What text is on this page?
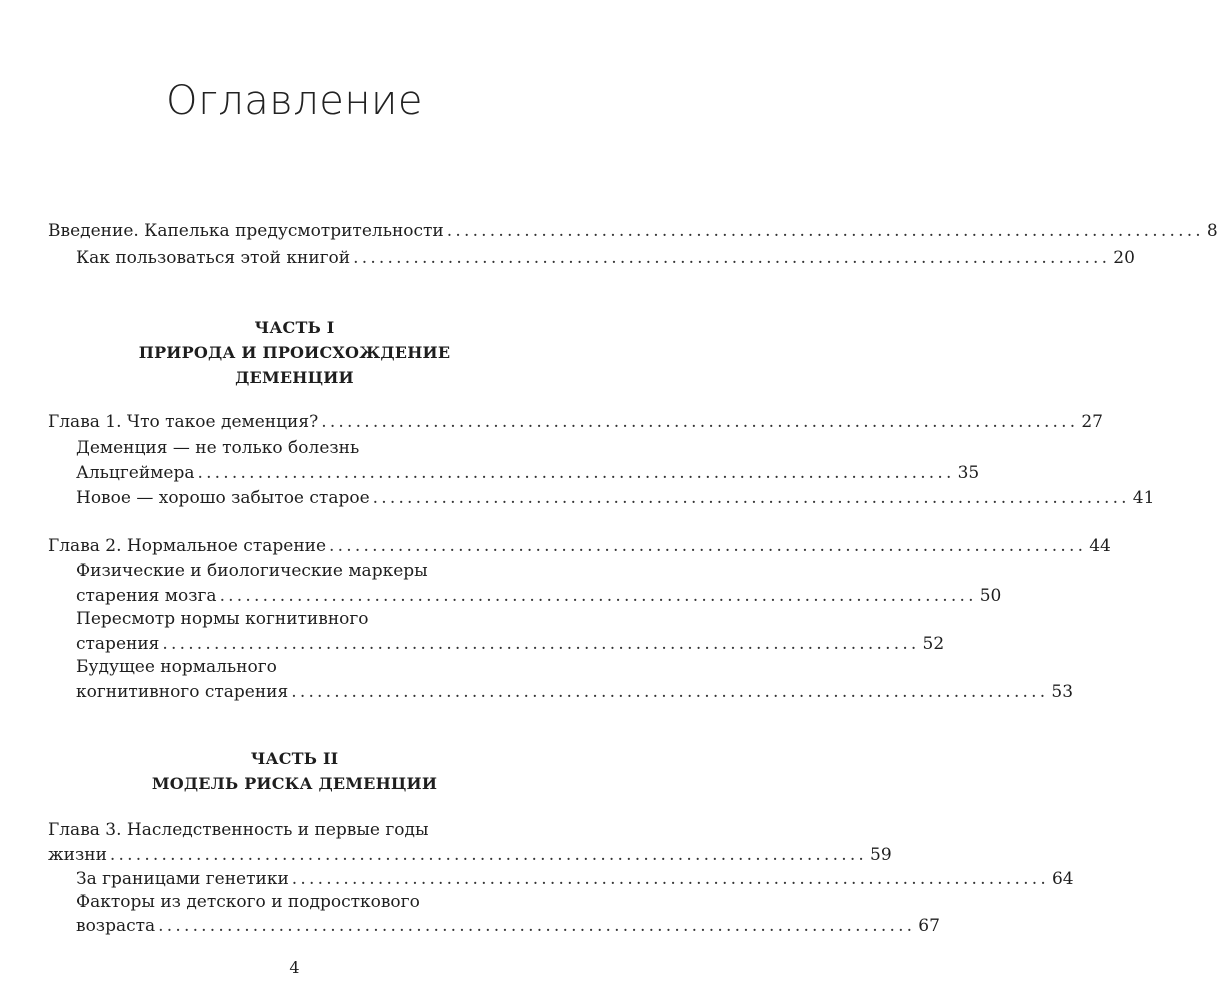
Оглавление
Введение. Капелька предусмотрительности ........................................................................................ 8
Как пользоваться этой книгой ........................................................................................ 20
ЧАСТЬ I
ПРИРОДА И ПРОИСХОЖДЕНИЕ
ДЕМЕНЦИИ
Глава 1. Что такое деменция? ........................................................................................ 27
Деменция — не только болезнь
Альцгеймера ........................................................................................ 35
Новое — хорошо забытое старое ........................................................................................ 41
Глава 2. Нормальное старение ........................................................................................ 44
Физические и биологические маркеры
старения мозга ........................................................................................ 50
Пересмотр нормы когнитивного
старения ........................................................................................ 52
Будущее нормального
когнитивного старения ........................................................................................ 53
ЧАСТЬ II
МОДЕЛЬ РИСКА ДЕМЕНЦИИ
Глава 3. Наследственность и первые годы
жизни ........................................................................................ 59
За границами генетики ........................................................................................ 64
Факторы из детского и подросткового
возраста ........................................................................................ 67
4
